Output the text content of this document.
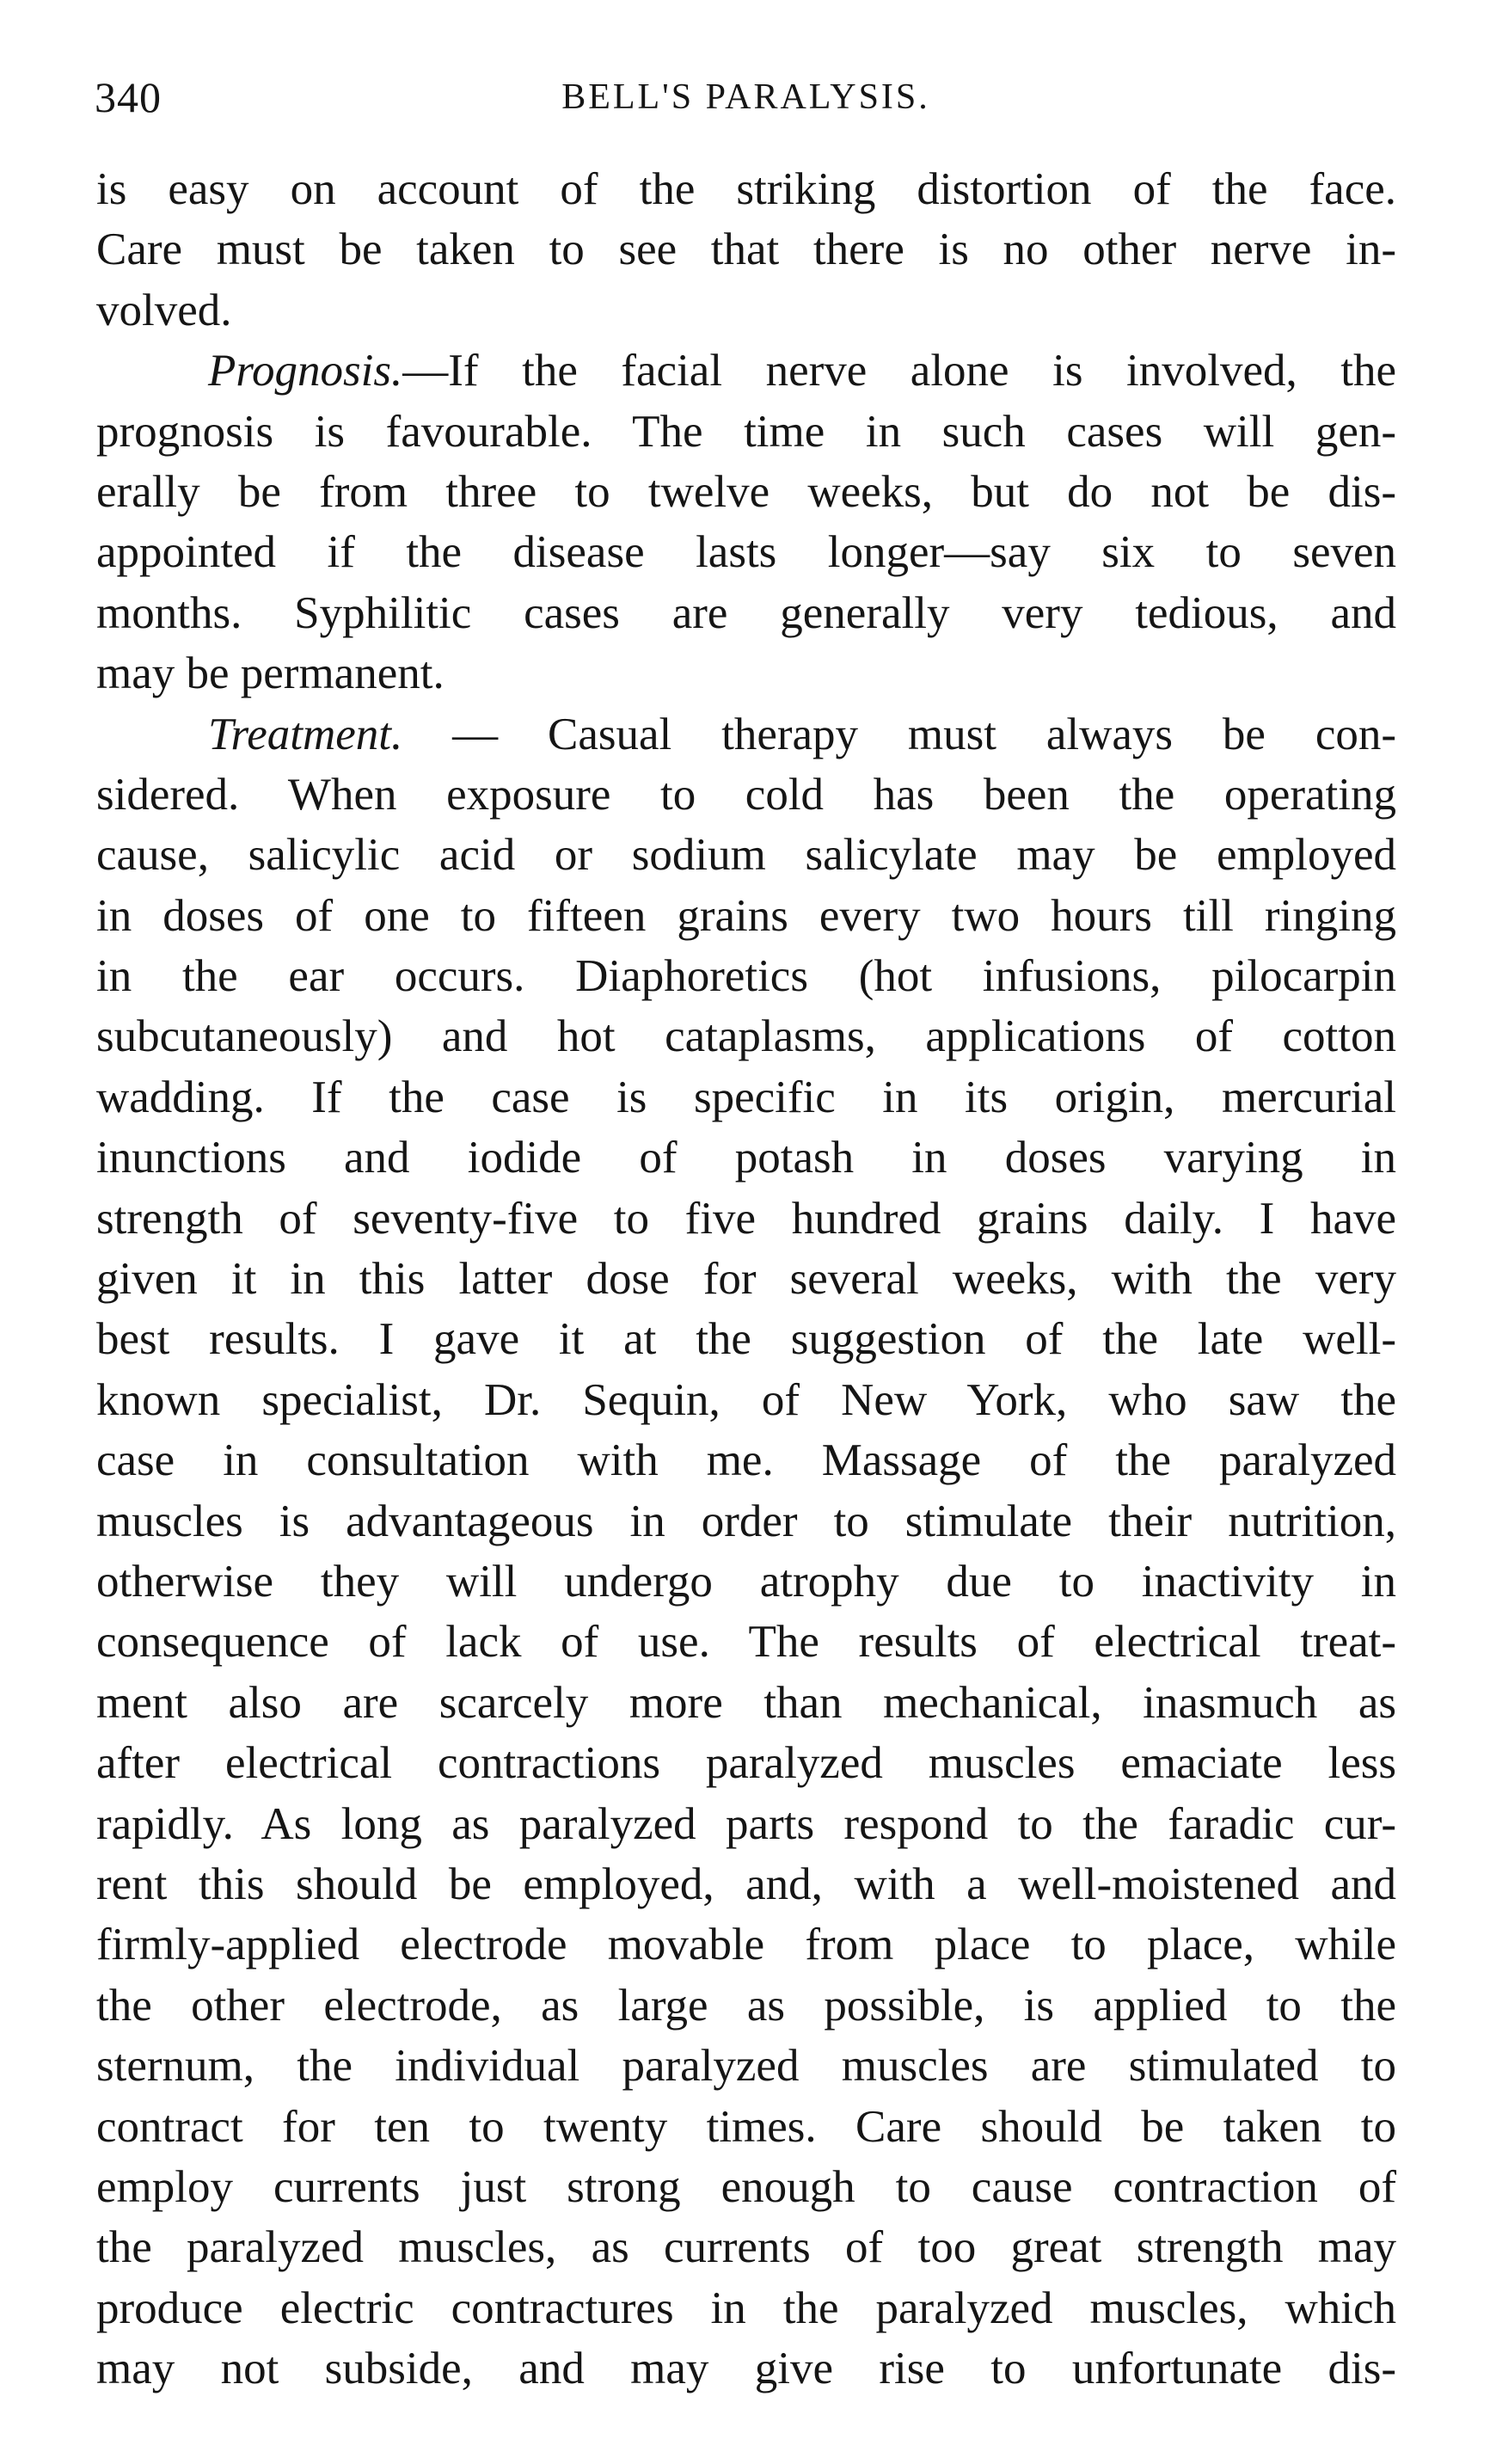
340	BELL'S PARALYSIS.
is easy on account of the striking distortion of the face.
Care must be taken to see that there is no other nerve in-
volved.
Prognosis.—If the facial nerve alone is involved, the
prognosis is favourable. The time in such cases will gen-
erally be from three to twelve weeks, but do not be dis-
appointed if the disease lasts longer—say six to seven
months. Syphilitic cases are generally very tedious, and
may be permanent.
Treatment. — Casual therapy must always be con-
sidered. When exposure to cold has been the operating
cause, salicylic acid or sodium salicylate may be employed
in doses of one to fifteen grains every two hours till ringing
in the ear occurs. Diaphoretics (hot infusions, pilocarpin
subcutaneously) and hot cataplasms, applications of cotton
wadding. If the case is specific in its origin, mercurial
inunctions and iodide of potash in doses varying in
strength of seventy-five to five hundred grains daily. I have
given it in this latter dose for several weeks, with the very
best results. I gave it at the suggestion of the late well-
known specialist, Dr. Sequin, of New York, who saw the
case in consultation with me. Massage of the paralyzed
muscles is advantageous in order to stimulate their nutrition,
otherwise they will undergo atrophy due to inactivity in
consequence of lack of use. The results of electrical treat-
ment also are scarcely more than mechanical, inasmuch as
after electrical contractions paralyzed muscles emaciate less
rapidly. As long as paralyzed parts respond to the faradic cur-
rent this should be employed, and, with a well-moistened and
firmly-applied electrode movable from place to place, while
the other electrode, as large as possible, is applied to the
sternum, the individual paralyzed muscles are stimulated to
contract for ten to twenty times. Care should be taken to
employ currents just strong enough to cause contraction of
the paralyzed muscles, as currents of too great strength may
produce electric contractures in the paralyzed muscles, which
may not subside, and may give rise to unfortunate dis-
